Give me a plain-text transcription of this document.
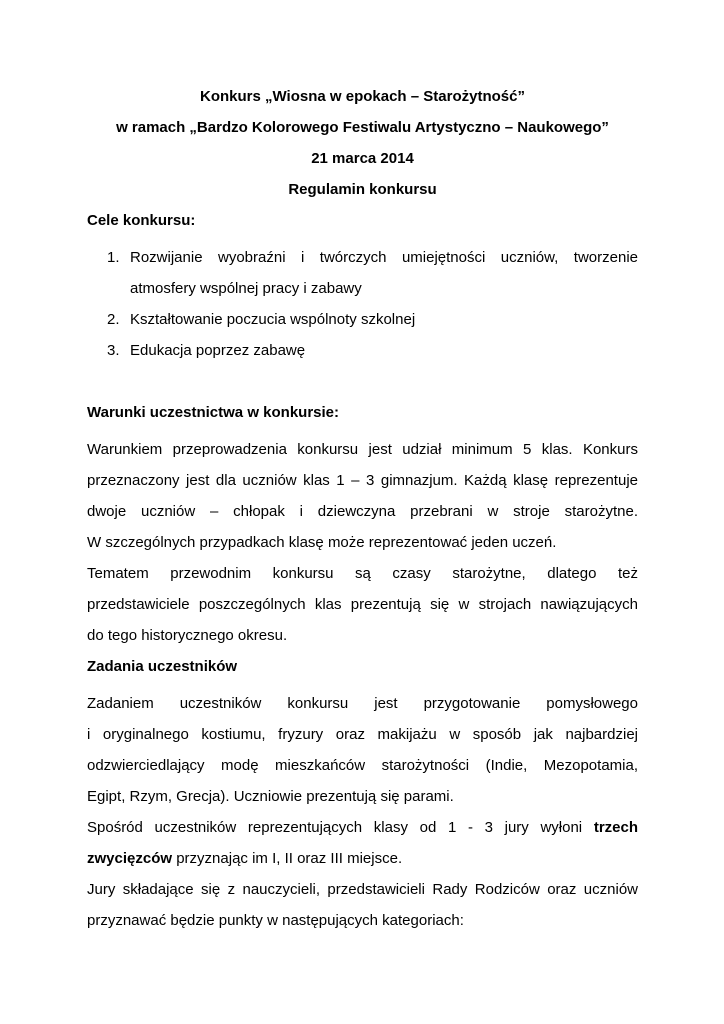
Konkurs „Wiosna w epokach – Starożytność”
w ramach „Bardzo Kolorowego Festiwalu Artystyczno – Naukowego”
21 marca 2014
Regulamin konkursu
Cele konkursu:
1. Rozwijanie wyobraźni i twórczych umiejętności uczniów, tworzenie
atmosfery wspólnej pracy i zabawy
2. Kształtowanie poczucia wspólnoty szkolnej
3. Edukacja poprzez zabawę
Warunki uczestnictwa w konkursie:
Warunkiem przeprowadzenia konkursu jest udział minimum 5 klas. Konkurs
przeznaczony jest dla uczniów klas 1 – 3 gimnazjum. Każdą klasę reprezentuje
dwoje uczniów – chłopak i dziewczyna przebrani w stroje starożytne.
W szczególnych przypadkach klasę może reprezentować jeden uczeń.
Tematem przewodnim konkursu są czasy starożytne, dlatego też
przedstawiciele poszczególnych klas prezentują się w strojach nawiązujących
do tego historycznego okresu.
Zadania uczestników
Zadaniem uczestników konkursu jest przygotowanie pomysłowego
i oryginalnego kostiumu, fryzury oraz makijażu w sposób jak najbardziej
odzwierciedlający modę mieszkańców starożytności (Indie, Mezopotamia,
Egipt, Rzym, Grecja). Uczniowie prezentują się parami.
Spośród uczestników reprezentujących klasy od 1 - 3 jury wyłoni trzech
zwycięzców przyznając im I, II oraz III miejsce.
Jury składające się z nauczycieli, przedstawicieli Rady Rodziców oraz uczniów
przyznawać będzie punkty w następujących kategoriach:
